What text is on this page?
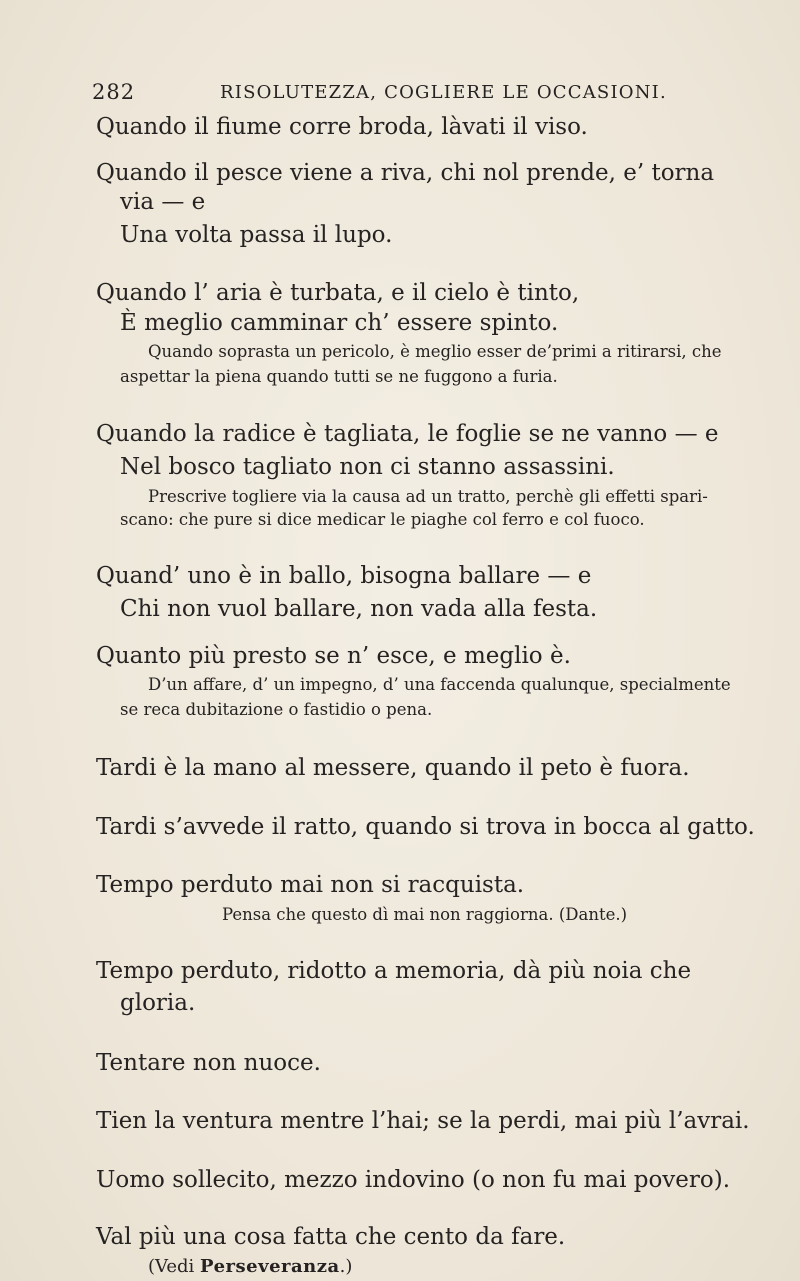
282	RISOLUTEZZA, COGLIERE LE OCCASIONI.
Quando il fiume corre broda, làvati il viso.
Quando il pesce viene a riva, chi nol prende, e’ torna
via — e
Una volta passa il lupo.
Quando l’ aria è turbata, e il cielo è tinto,
È meglio camminar ch’ essere spinto.
Quando soprasta un pericolo, è meglio esser de’primi a ritirarsi, che
aspettar la piena quando tutti se ne fuggono a furia.
Quando la radice è tagliata, le foglie se ne vanno — e
Nel bosco tagliato non ci stanno assassini.
Prescrive togliere via la causa ad un tratto, perchè gli effetti spari-
scano: che pure si dice medicar le piaghe col ferro e col fuoco.
Quand’ uno è in ballo, bisogna ballare — e
Chi non vuol ballare, non vada alla festa.
Quanto più presto se n’ esce, e meglio è.
D’un affare, d’ un impegno, d’ una faccenda qualunque, specialmente
se reca dubitazione o fastidio o pena.
Tardi è la mano al messere, quando il peto è fuora.
Tardi s’avvede il ratto, quando si trova in bocca al gatto.
Tempo perduto mai non si racquista.
Pensa che questo dì mai non raggiorna. (Dante.)
Tempo perduto, ridotto a memoria, dà più noia che
gloria.
Tentare non nuoce.
Tien la ventura mentre l’hai; se la perdi, mai più l’avrai.
Uomo sollecito, mezzo indovino (o non fu mai povero).
Val più una cosa fatta che cento da fare.
(Vedi Perseveranza.)
